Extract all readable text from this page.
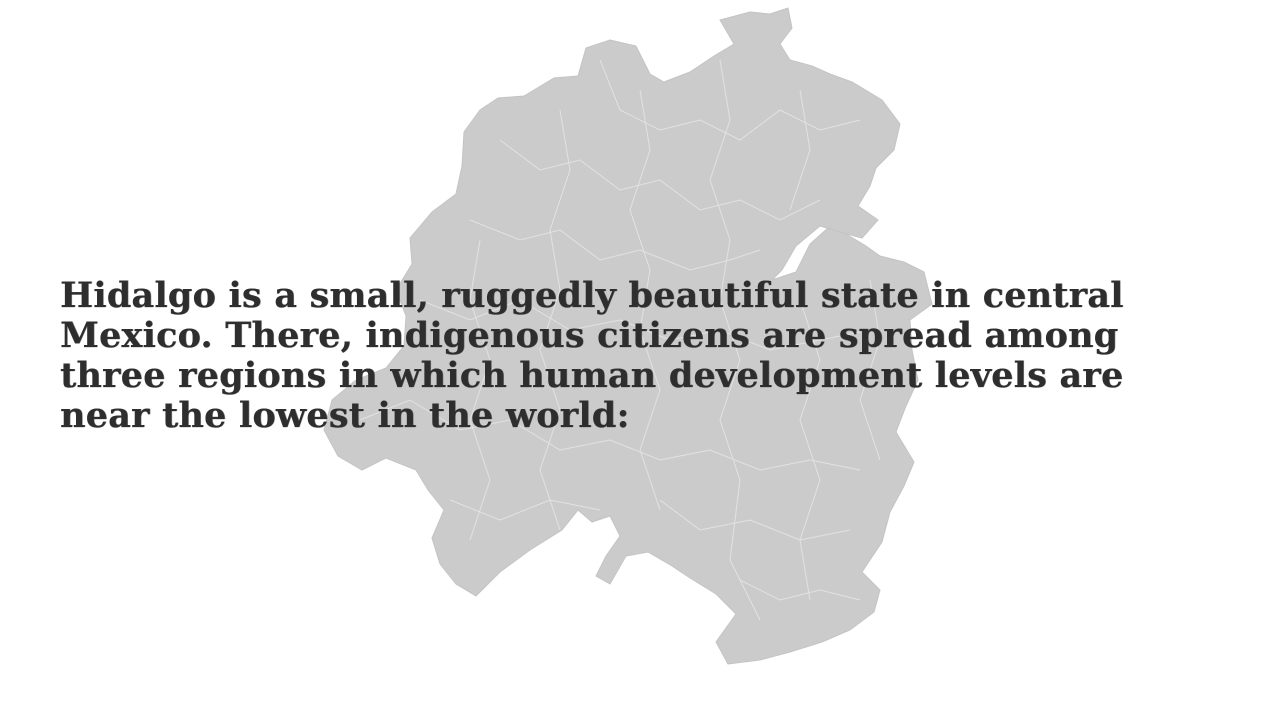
Hidalgo is a small, ruggedly beautiful state in central Mexico. There, indigenous citizens are spread among three regions in which human development levels are near the lowest in the world:
